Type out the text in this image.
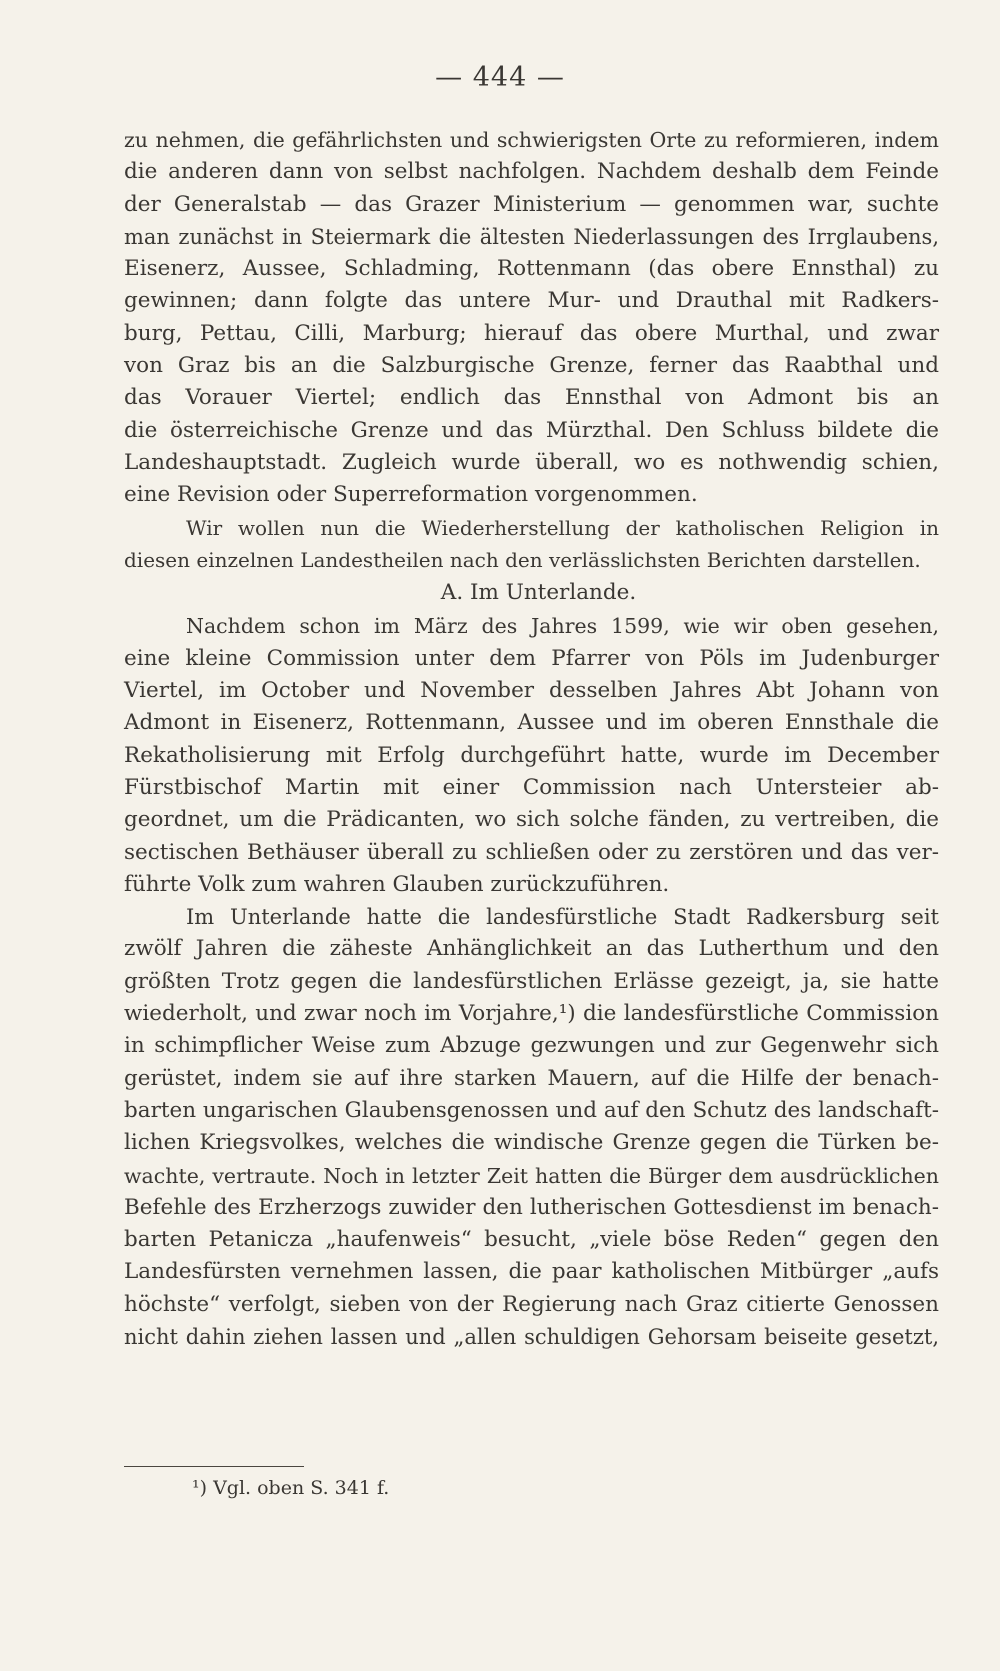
— 444 —
zu nehmen, die gefährlichsten und schwierigsten Orte zu reformieren, indem
die anderen dann von selbst nachfolgen. Nachdem deshalb dem Feinde
der Generalstab — das Grazer Ministerium — genommen war, suchte
man zunächst in Steiermark die ältesten Niederlassungen des Irrglaubens,
Eisenerz, Aussee, Schladming, Rottenmann (das obere Ennsthal) zu
gewinnen; dann folgte das untere Mur- und Drauthal mit Radkers-
burg, Pettau, Cilli, Marburg; hierauf das obere Murthal, und zwar
von Graz bis an die Salzburgische Grenze, ferner das Raabthal und
das Vorauer Viertel; endlich das Ennsthal von Admont bis an
die österreichische Grenze und das Mürzthal. Den Schluss bildete die
Landeshauptstadt. Zugleich wurde überall, wo es nothwendig schien,
eine Revision oder Superreformation vorgenommen.
Wir wollen nun die Wiederherstellung der katholischen Religion in
diesen einzelnen Landestheilen nach den verlässlichsten Berichten darstellen.
A. Im Unterlande.
Nachdem schon im März des Jahres 1599, wie wir oben gesehen,
eine kleine Commission unter dem Pfarrer von Pöls im Judenburger
Viertel, im October und November desselben Jahres Abt Johann von
Admont in Eisenerz, Rottenmann, Aussee und im oberen Ennsthale die
Rekatholisierung mit Erfolg durchgeführt hatte, wurde im December
Fürstbischof Martin mit einer Commission nach Untersteier ab-
geordnet, um die Prädicanten, wo sich solche fänden, zu vertreiben, die
sectischen Bethäuser überall zu schließen oder zu zerstören und das ver-
führte Volk zum wahren Glauben zurückzuführen.
Im Unterlande hatte die landesfürstliche Stadt Radkersburg seit
zwölf Jahren die zäheste Anhänglichkeit an das Lutherthum und den
größten Trotz gegen die landesfürstlichen Erlässe gezeigt, ja, sie hatte
wiederholt, und zwar noch im Vorjahre,¹) die landesfürstliche Commission
in schimpflicher Weise zum Abzuge gezwungen und zur Gegenwehr sich
gerüstet, indem sie auf ihre starken Mauern, auf die Hilfe der benach-
barten ungarischen Glaubensgenossen und auf den Schutz des landschaft-
lichen Kriegsvolkes, welches die windische Grenze gegen die Türken be-
wachte, vertraute. Noch in letzter Zeit hatten die Bürger dem ausdrücklichen
Befehle des Erzherzogs zuwider den lutherischen Gottesdienst im benach-
barten Petanicza „haufenweis“ besucht, „viele böse Reden“ gegen den
Landesfürsten vernehmen lassen, die paar katholischen Mitbürger „aufs
höchste“ verfolgt, sieben von der Regierung nach Graz citierte Genossen
nicht dahin ziehen lassen und „allen schuldigen Gehorsam beiseite gesetzt,
¹) Vgl. oben S. 341 f.
